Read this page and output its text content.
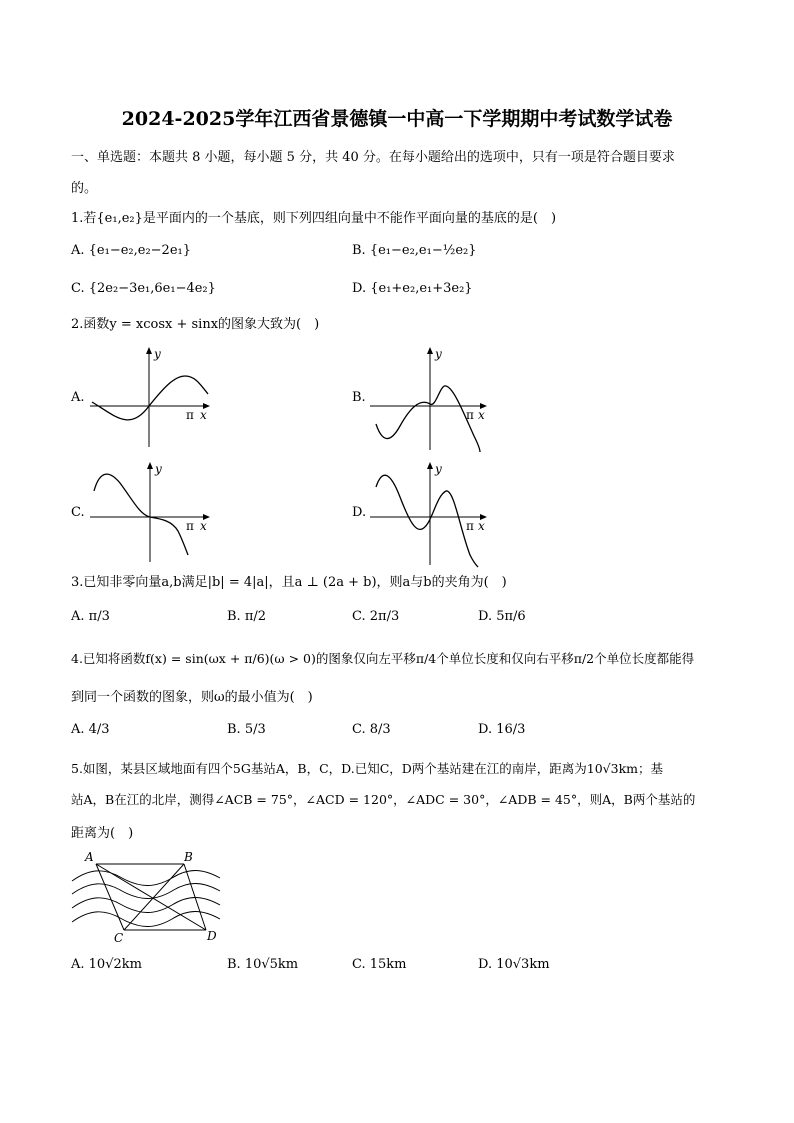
2024-2025学年江西省景德镇一中高一下学期期中考试数学试卷
一、单选题：本题共 8 小题，每小题 5 分，共 40 分。在每小题给出的选项中，只有一项是符合题目要求
的。
1.若{e₁,e₂}是平面内的一个基底，则下列四组向量中不能作平面向量的基底的是(　)
A. {e₁−e₂,e₂−2e₁}	B. {e₁−e₂,e₁−½e₂}
C. {2e₂−3e₁,6e₁−4e₂}	D. {e₁+e₂,e₁+3e₂}
2.函数y = xcosx + sinx的图象大致为(　)
A.
y
π x
B.
y
π x
C.
y
π x
D.
y
π x
3.已知非零向量a,b满足|b| = 4|a|，且a ⊥ (2a + b)，则a与b的夹角为(　)
A. π/3	B. π/2	C. 2π/3	D. 5π/6
4.已知将函数f(x) = sin(ωx + π/6)(ω > 0)的图象仅向左平移π/4个单位长度和仅向右平移π/2个单位长度都能得
到同一个函数的图象，则ω的最小值为(　)
A. 4/3	B. 5/3	C. 8/3	D. 16/3
5.如图，某县区域地面有四个5G基站A，B，C，D.已知C，D两个基站建在江的南岸，距离为10√3km；基
站A，B在江的北岸，测得∠ACB = 75°，∠ACD = 120°，∠ADC = 30°，∠ADB = 45°，则A，B两个基站的
距离为(　)
A	B
C	D
A. 10√2km	B. 10√5km	C. 15km	D. 10√3km
